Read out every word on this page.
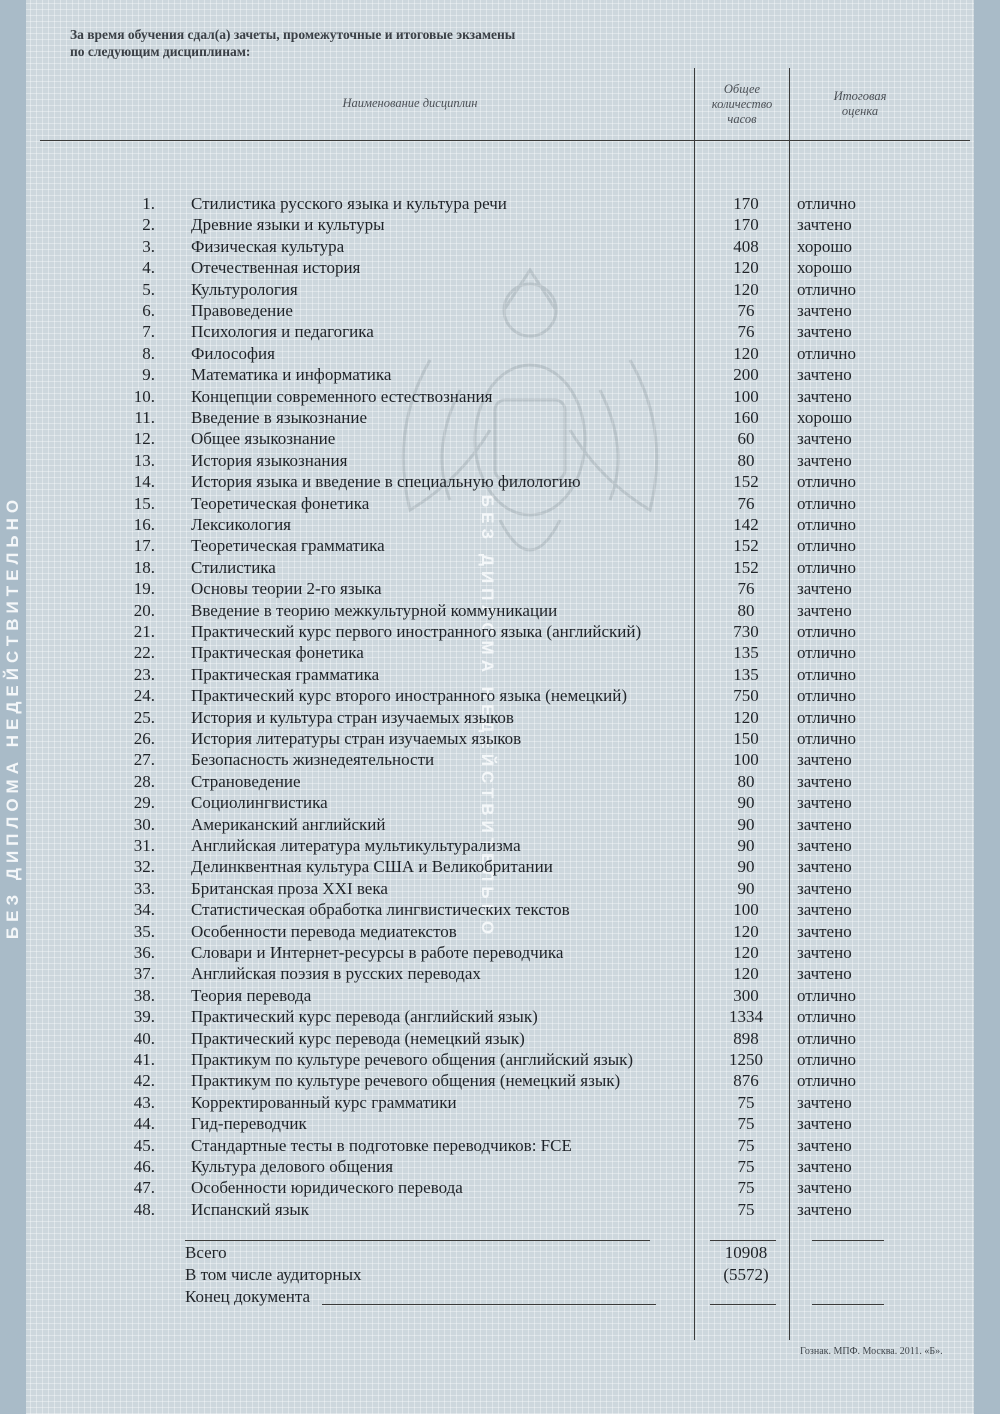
БЕЗ ДИПЛОМА НЕДЕЙСТВИТЕЛЬНО	БЕЗ ДИПЛОМА НЕДЕЙСТВИТЕЛЬНО
За время обучения сдал(а) зачеты, промежуточные и итоговые экзамены
по следующим дисциплинам:
Наименование дисциплин
Общее
количество
часов
Итоговая
оценка
1. Стилистика русского языка и культура речи	170	отлично
2. Древние языки и культуры	170	зачтено
3. Физическая культура	408	хорошо
4. Отечественная история	120	хорошо
5. Культурология	120	отлично
6. Правоведение	76	зачтено
7. Психология и педагогика	76	зачтено
8. Философия	120	отлично
9. Математика и информатика	200	зачтено
10. Концепции современного естествознания	100	зачтено
11. Введение в языкознание	160	хорошо
12. Общее языкознание	60	зачтено
13. История языкознания	80	зачтено
14. История языка и введение в специальную филологию	152	отлично
15. Теоретическая фонетика	76	отлично
16. Лексикология	142	отлично
17. Теоретическая грамматика	152	отлично
18. Стилистика	152	отлично
19. Основы теории 2-го языка	76	зачтено
20. Введение в теорию межкультурной коммуникации	80	зачтено
21. Практический курс первого иностранного языка (английский)	730	отлично
22. Практическая фонетика	135	отлично
23. Практическая грамматика	135	отлично
24. Практический курс второго иностранного языка (немецкий)	750	отлично
25. История и культура стран изучаемых языков	120	отлично
26. История литературы стран изучаемых языков	150	отлично
27. Безопасность жизнедеятельности	100	зачтено
28. Страноведение	80	зачтено
29. Социолингвистика	90	зачтено
30. Американский английский	90	зачтено
31. Английская литература мультикультурализма	90	зачтено
32. Делинквентная культура США и Великобритании	90	зачтено
33. Британская проза XXI века	90	зачтено
34. Статистическая обработка лингвистических текстов	100	зачтено
35. Особенности перевода медиатекстов	120	зачтено
36. Словари и Интернет-ресурсы в работе переводчика	120	зачтено
37. Английская поэзия в русских переводах	120	зачтено
38. Теория перевода	300	отлично
39. Практический курс перевода (английский язык)	1334	отлично
40. Практический курс перевода (немецкий язык)	898	отлично
41. Практикум по культуре речевого общения (английский язык)	1250	отлично
42. Практикум по культуре речевого общения (немецкий язык)	876	отлично
43. Корректированный курс грамматики	75	зачтено
44. Гид-переводчик	75	зачтено
45. Стандартные тесты в подготовке переводчиков: FCE	75	зачтено
46. Культура делового общения	75	зачтено
47. Особенности юридического перевода	75	зачтено
48. Испанский язык	75	зачтено
Всего	10908
В том числе аудиторных	(5572)
Конец документа
Гознак. МПФ. Москва. 2011. «Б».
